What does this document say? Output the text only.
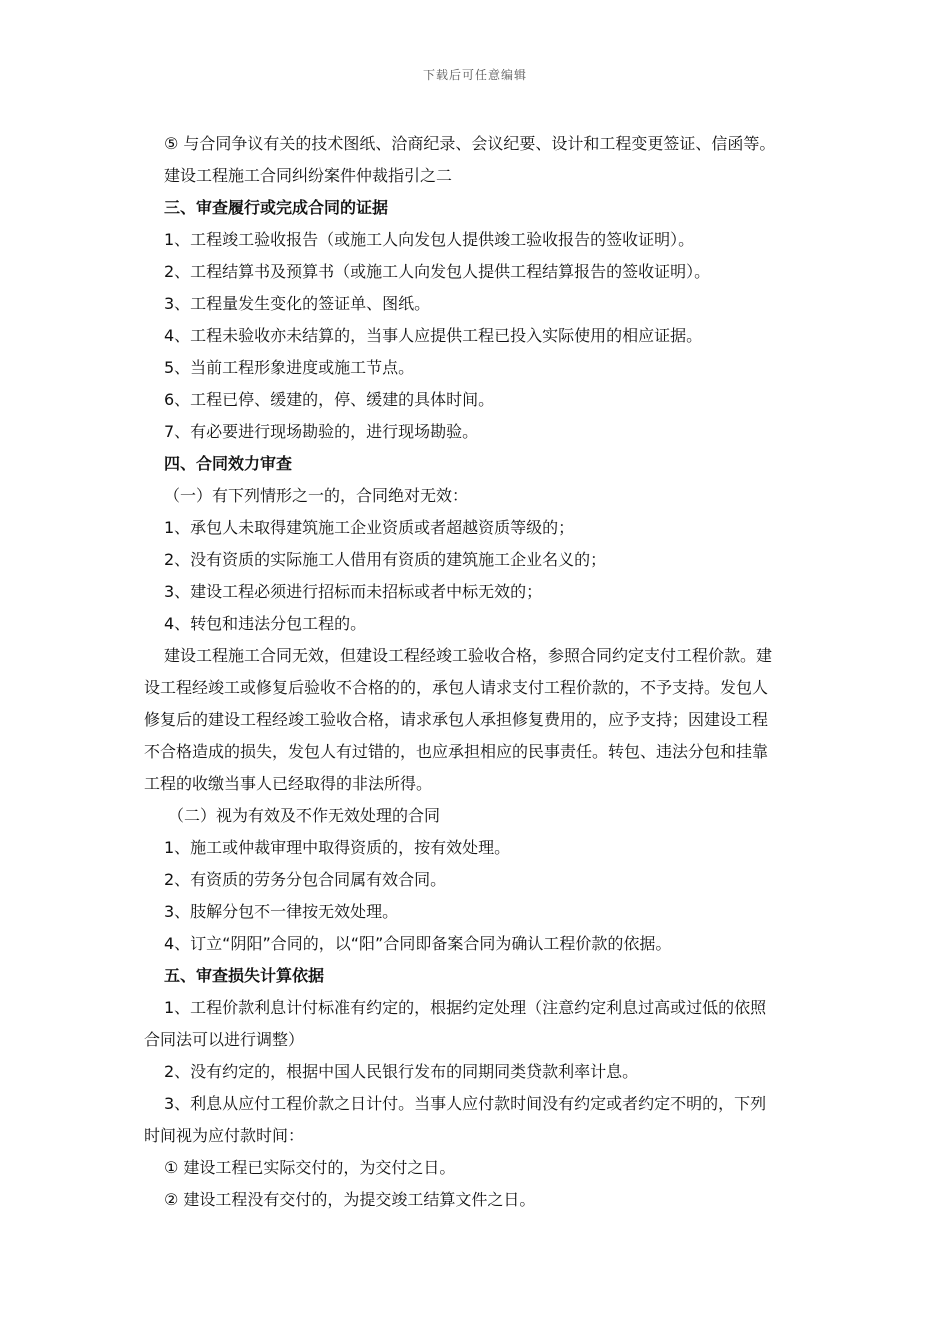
下载后可任意编辑
⑤ 与合同争议有关的技术图纸、洽商纪录、会议纪要、设计和工程变更签证、信函等。
建设工程施工合同纠纷案件仲裁指引之二
三、审查履行或完成合同的证据
1、工程竣工验收报告（或施工人向发包人提供竣工验收报告的签收证明）。
2、工程结算书及预算书（或施工人向发包人提供工程结算报告的签收证明）。
3、工程量发生变化的签证单、图纸。
4、工程未验收亦未结算的，当事人应提供工程已投入实际使用的相应证据。
5、当前工程形象进度或施工节点。
6、工程已停、缓建的，停、缓建的具体时间。
7、有必要进行现场勘验的，进行现场勘验。
四、合同效力审查
（一）有下列情形之一的，合同绝对无效：
1、承包人未取得建筑施工企业资质或者超越资质等级的；
2、没有资质的实际施工人借用有资质的建筑施工企业名义的；
3、建设工程必须进行招标而未招标或者中标无效的；
4、转包和违法分包工程的。
建设工程施工合同无效，但建设工程经竣工验收合格，参照合同约定支付工程价款。建
设工程经竣工或修复后验收不合格的的，承包人请求支付工程价款的，不予支持。发包人
修复后的建设工程经竣工验收合格，请求承包人承担修复费用的，应予支持；因建设工程
不合格造成的损失，发包人有过错的，也应承担相应的民事责任。转包、违法分包和挂靠
工程的收缴当事人已经取得的非法所得。
（二）视为有效及不作无效处理的合同
1、施工或仲裁审理中取得资质的，按有效处理。
2、有资质的劳务分包合同属有效合同。
3、肢解分包不一律按无效处理。
4、订立“阴阳”合同的，以“阳”合同即备案合同为确认工程价款的依据。
五、审查损失计算依据
1、工程价款利息计付标准有约定的，根据约定处理（注意约定利息过高或过低的依照
合同法可以进行调整）
2、没有约定的，根据中国人民银行发布的同期同类贷款利率计息。
3、利息从应付工程价款之日计付。当事人应付款时间没有约定或者约定不明的，下列
时间视为应付款时间：
① 建设工程已实际交付的，为交付之日。
② 建设工程没有交付的，为提交竣工结算文件之日。
